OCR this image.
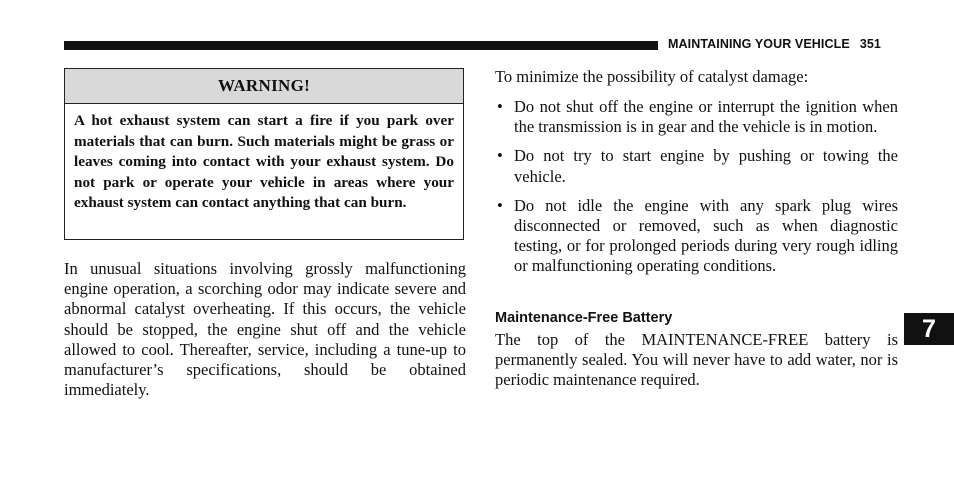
MAINTAINING YOUR VEHICLE 351
WARNING!
A hot exhaust system can start a fire if you park over materials that can burn. Such materials might be grass or leaves coming into contact with your exhaust system. Do not park or operate your vehicle in areas where your exhaust system can contact anything that can burn.
In unusual situations involving grossly malfunctioning engine operation, a scorching odor may indicate severe and abnormal catalyst overheating. If this occurs, the vehicle should be stopped, the engine shut off and the vehicle allowed to cool. Thereafter, service, including a tune-up to manufacturer’s specifications, should be obtained immediately.
To minimize the possibility of catalyst damage:
• Do not shut off the engine or interrupt the ignition when the transmission is in gear and the vehicle is in motion.
• Do not try to start engine by pushing or towing the vehicle.
• Do not idle the engine with any spark plug wires disconnected or removed, such as when diagnostic testing, or for prolonged periods during very rough idling or malfunctioning operating conditions.
Maintenance-Free Battery
The top of the MAINTENANCE-FREE battery is permanently sealed. You will never have to add water, nor is periodic maintenance required.
7
